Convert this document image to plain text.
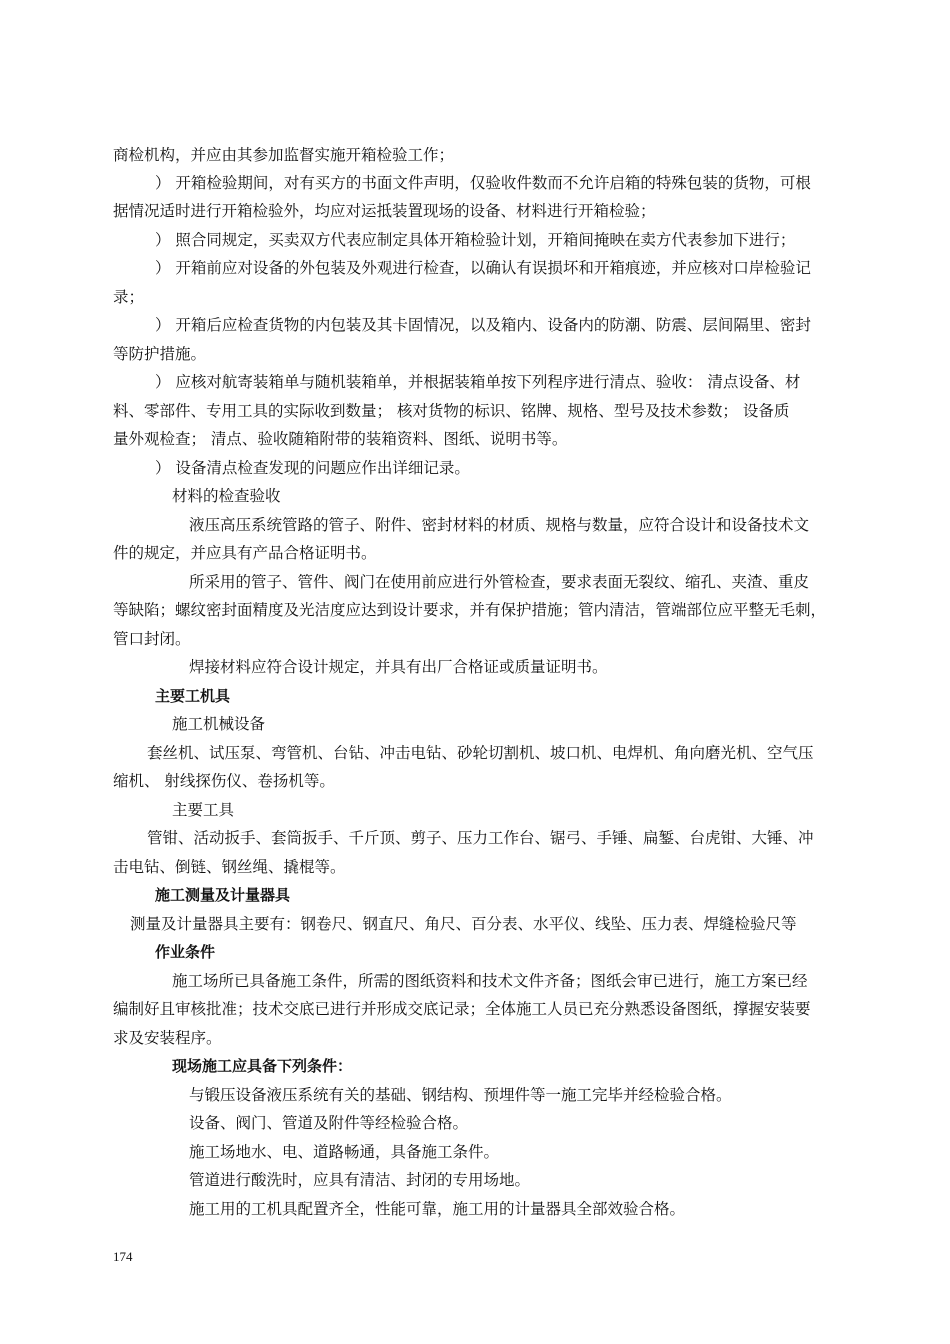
商检机构，并应由其参加监督实施开箱检验工作；
） 开箱检验期间，对有买方的书面文件声明，仅验收件数而不允许启箱的特殊包装的货物，可根
据情况适时进行开箱检验外，均应对运抵装置现场的设备、材料进行开箱检验；
） 照合同规定，买卖双方代表应制定具体开箱检验计划，开箱间掩映在卖方代表参加下进行；
） 开箱前应对设备的外包装及外观进行检查，以确认有误损坏和开箱痕迹，并应核对口岸检验记
录；
） 开箱后应检查货物的内包装及其卡固情况，以及箱内、设备内的防潮、防震、层间隔里、密封
等防护措施。
） 应核对航寄装箱单与随机装箱单，并根据装箱单按下列程序进行清点、验收： 清点设备、材
料、零部件、专用工具的实际收到数量； 核对货物的标识、铭牌、规格、型号及技术参数； 设备质
量外观检查； 清点、验收随箱附带的装箱资料、图纸、说明书等。
） 设备清点检查发现的问题应作出详细记录。
材料的检查验收
液压高压系统管路的管子、附件、密封材料的材质、规格与数量，应符合设计和设备技术文
件的规定，并应具有产品合格证明书。
所采用的管子、管件、阀门在使用前应进行外管检查，要求表面无裂纹、缩孔、夹渣、重皮
等缺陷；螺纹密封面精度及光洁度应达到设计要求，并有保护措施；管内清洁，管端部位应平整无毛刺，
管口封闭。
焊接材料应符合设计规定，并具有出厂合格证或质量证明书。
主要工机具
施工机械设备
套丝机、试压泵、弯管机、台钻、冲击电钻、砂轮切割机、坡口机、电焊机、角向磨光机、空气压
缩机、 射线探伤仪、卷扬机等。
主要工具
管钳、活动扳手、套筒扳手、千斤顶、剪子、压力工作台、锯弓、手锤、扁錾、台虎钳、大锤、冲
击电钻、倒链、钢丝绳、撬棍等。
施工测量及计量器具
测量及计量器具主要有：钢卷尺、钢直尺、角尺、百分表、水平仪、线坠、压力表、焊缝检验尺等
作业条件
施工场所已具备施工条件，所需的图纸资料和技术文件齐备；图纸会审已进行，施工方案已经
编制好且审核批准；技术交底已进行并形成交底记录；全体施工人员已充分熟悉设备图纸，撑握安装要
求及安装程序。
现场施工应具备下列条件：
与锻压设备液压系统有关的基础、钢结构、预埋件等一施工完毕并经检验合格。
设备、阀门、管道及附件等经检验合格。
施工场地水、电、道路畅通，具备施工条件。
管道进行酸洗时，应具有清洁、封闭的专用场地。
施工用的工机具配置齐全，性能可靠，施工用的计量器具全部效验合格。
174
